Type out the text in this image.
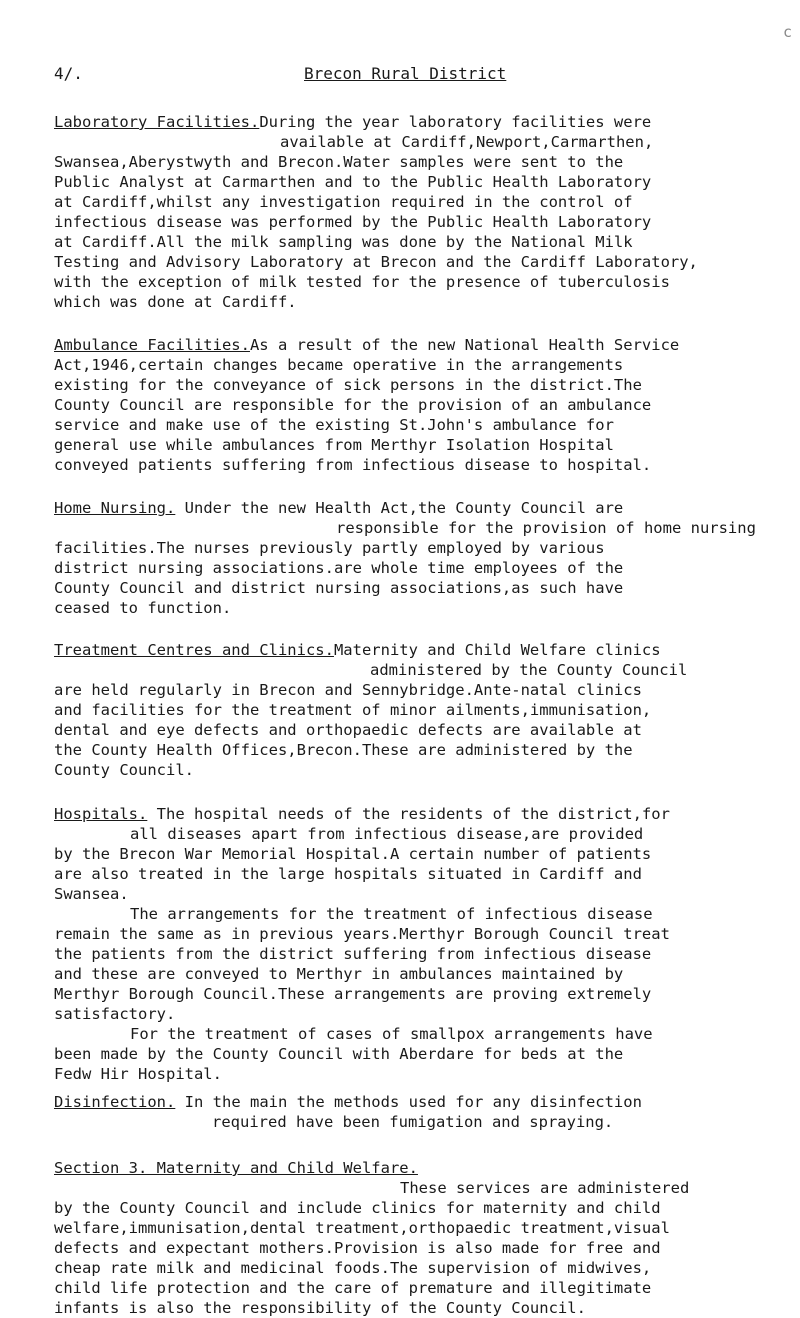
c
4/.	Brecon Rural District
Laboratory Facilities.During the year laboratory facilities were
available at Cardiff,Newport,Carmarthen,
Swansea,Aberystwyth and Brecon.Water samples were sent to the
Public Analyst at Carmarthen and to the Public Health Laboratory
at Cardiff,whilst any investigation required in the control of
infectious disease was performed by the Public Health Laboratory
at Cardiff.All the milk sampling was done by the National Milk
Testing and Advisory Laboratory at Brecon and the Cardiff Laboratory,
with the exception of milk tested for the presence of tuberculosis
which was done at Cardiff.
Ambulance Facilities.As a result of the new National Health Service
Act,1946,certain changes became operative in the arrangements
existing for the conveyance of sick persons in the district.The
County Council are responsible for the provision of an ambulance
service and make use of the existing St.John's ambulance for
general use while ambulances from Merthyr Isolation Hospital
conveyed patients suffering from infectious disease to hospital.
Home Nursing. Under the new Health Act,the County Council are
responsible for the provision of home nursing
facilities.The nurses previously partly employed by various
district nursing associations.are whole time employees of the
County Council and district nursing associations,as such have
ceased to function.
Treatment Centres and Clinics.Maternity and Child Welfare clinics
administered by the County Council
are held regularly in Brecon and Sennybridge.Ante-natal clinics
and facilities for the treatment of minor ailments,immunisation,
dental and eye defects and orthopaedic defects are available at
the County Health Offices,Brecon.These are administered by the
County Council.
Hospitals. The hospital needs of the residents of the district,for
all diseases apart from infectious disease,are provided
by the Brecon War Memorial Hospital.A certain number of patients
are also treated in the large hospitals situated in Cardiff and
Swansea.
The arrangements for the treatment of infectious disease
remain the same as in previous years.Merthyr Borough Council treat
the patients from the district suffering from infectious disease
and these are conveyed to Merthyr in ambulances maintained by
Merthyr Borough Council.These arrangements are proving extremely
satisfactory.
For the treatment of cases of smallpox arrangements have
been made by the County Council with Aberdare for beds at the
Fedw Hir Hospital.
Disinfection. In the main the methods used for any disinfection
required have been fumigation and spraying.
Section 3. Maternity and Child Welfare.
These services are administered
by the County Council and include clinics for maternity and child
welfare,immunisation,dental treatment,orthopaedic treatment,visual
defects and expectant mothers.Provision is also made for free and
cheap rate milk and medicinal foods.The supervision of midwives,
child life protection and the care of premature and illegitimate
infants is also the responsibility of the County Council.
